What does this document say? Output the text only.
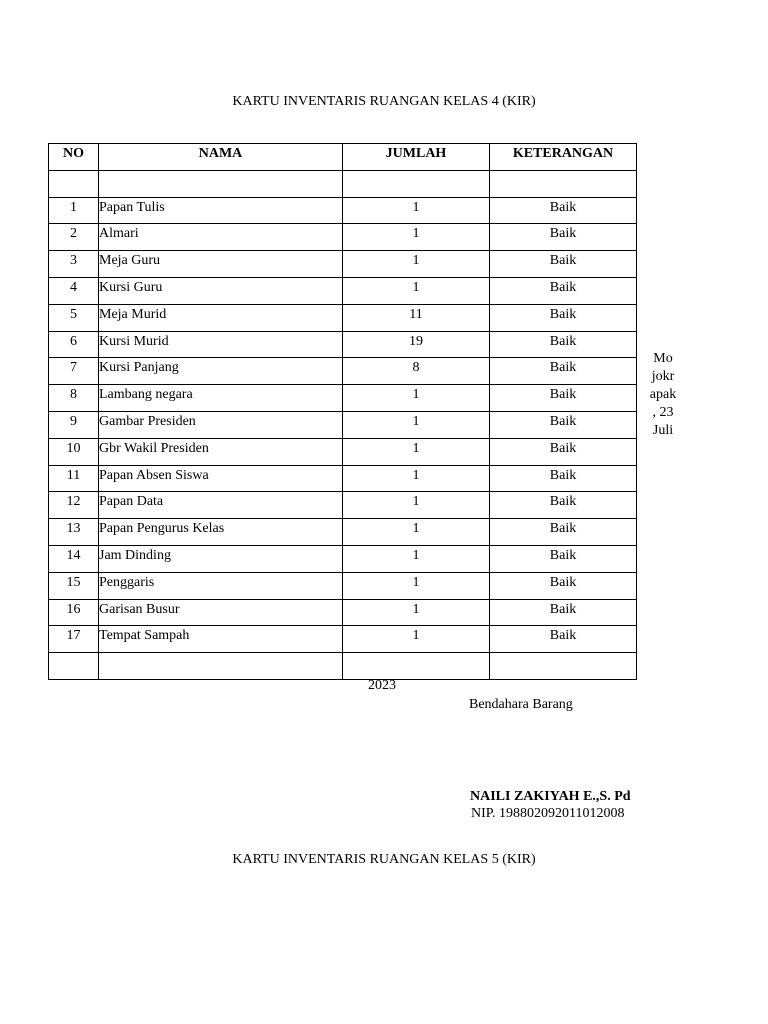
KARTU INVENTARIS RUANGAN KELAS 4 (KIR)
NO	NAMA	JUMLAH	KETERANGAN

1	Papan Tulis	1	Baik
2	Almari	1	Baik
3	Meja Guru	1	Baik
4	Kursi Guru	1	Baik
5	Meja Murid	11	Baik
6	Kursi Murid	19	Baik
7	Kursi Panjang	8	Baik
8	Lambang negara	1	Baik
9	Gambar Presiden	1	Baik
10	Gbr Wakil Presiden	1	Baik
11	Papan Absen Siswa	1	Baik
12	Papan Data	1	Baik
13	Papan Pengurus Kelas	1	Baik
14	Jam Dinding	1	Baik
15	Penggaris	1	Baik
16	Garisan Busur	1	Baik
17	Tempat Sampah	1	Baik

Mo
jokr
apak
, 23
Juli
2023
Bendahara Barang
NAILI ZAKIYAH E.,S. Pd
NIP. 198802092011012008
KARTU INVENTARIS RUANGAN KELAS 5 (KIR)
